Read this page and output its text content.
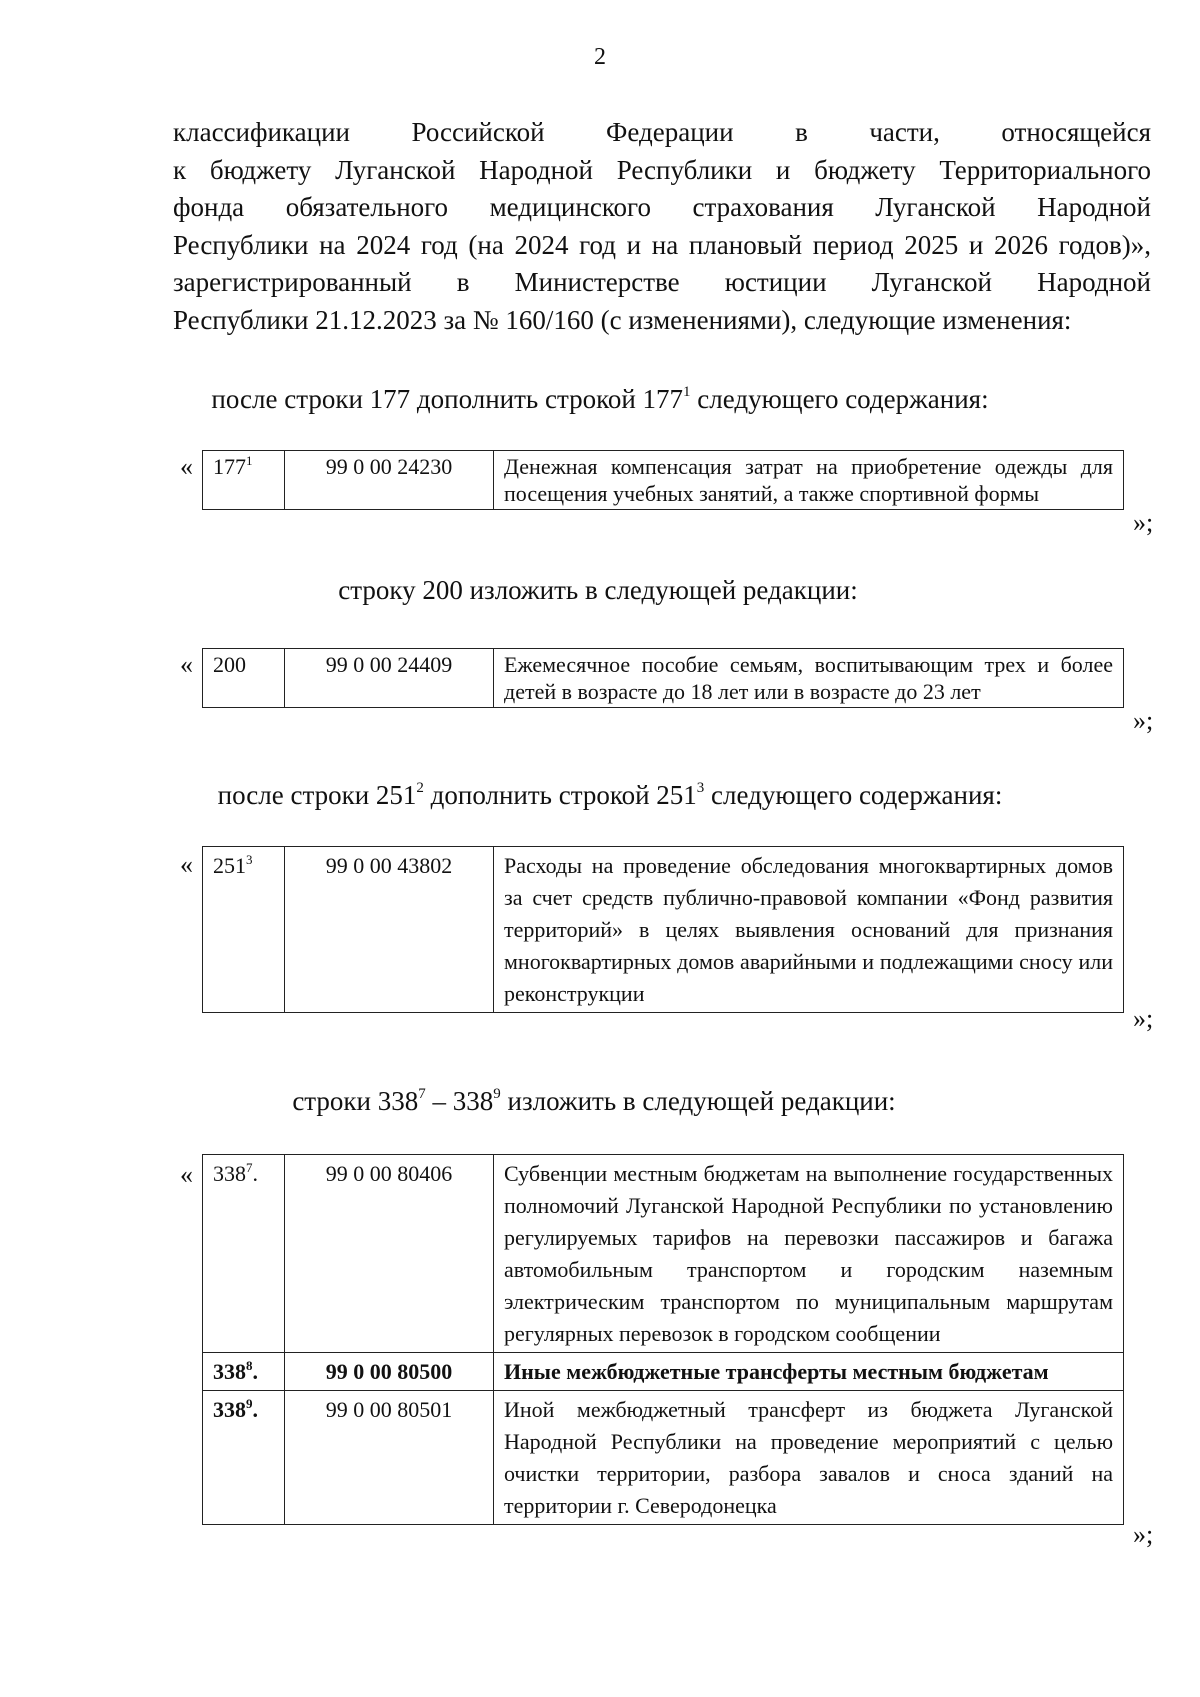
2
классификации Российской Федерации в части, относящейся
к бюджету Луганской Народной Республики и бюджету Территориального
фонда обязательного медицинского страхования Луганской Народной
Республики на 2024 год (на 2024 год и на плановый период 2025 и 2026 годов)»,
зарегистрированный в Министерстве юстиции Луганской Народной
Республики 21.12.2023 за № 160/160 (с изменениями), следующие изменения:
после строки 177 дополнить строкой $177^1$ следующего содержания:
« $177^1$	99 0 00 24230	Денежная компенсация затрат на приобретение одежды для посещения учебных занятий, а также спортивной формы
»;
строку 200 изложить в следующей редакции:
« 200	99 0 00 24409	Ежемесячное пособие семьям, воспитывающим трех и более детей в возрасте до 18 лет или в возрасте до 23 лет
»;
после строки $251^2$ дополнить строкой $251^3$ следующего содержания:
« $251^3$	99 0 00 43802	Расходы на проведение обследования многоквартирных домов за счет средств публично-правовой компании «Фонд развития территорий» в целях выявления оснований для признания многоквартирных домов аварийными и подлежащими сносу или реконструкции
»;
строки $338^7 - 338^9$ изложить в следующей редакции:
« $338^7$.	99 0 00 80406	Субвенции местным бюджетам на выполнение государственных полномочий Луганской Народной Республики по установлению регулируемых тарифов на перевозки пассажиров и багажа автомобильным транспортом и городским наземным электрическим транспортом по муниципальным маршрутам регулярных перевозок в городском сообщении
$338^8$.	99 0 00 80500	Иные межбюджетные трансферты местным бюджетам
$338^9$.	99 0 00 80501	Иной межбюджетный трансферт из бюджета Луганской Народной Республики на проведение мероприятий с целью очистки территории, разбора завалов и сноса зданий на территории г. Северодонецка
»;
